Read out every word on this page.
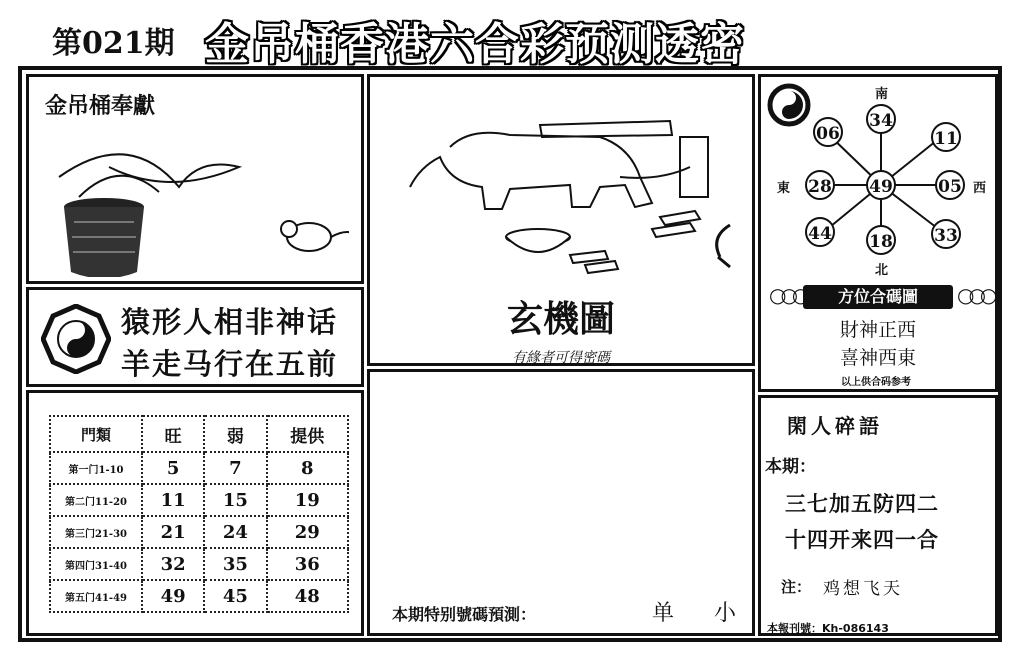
第021期 金吊桶香港六合彩预测透密
金吊桶奉獻
猿形人相非神话
羊走马行在五前
門類	旺	弱	提供
第一门1-10	5	7	8
第二门11-20	11	15	19
第三门21-30	21	24	29
第四门31-40	32	35	36
第五门41-49	49	45	48
玄機圖
有緣者可得密碼
本期特别號碼預測：	单 小
南
北
東	西
49
34
11
05
33
18
44
28
06
方位合碼圖
○○○	○○○
財神正西
喜神西東
以上供合码参考
閑人碎語
本期：
三七加五防四二
十四开来四一合
注： 鸡想飞天
本報刊號：Kh-086143
